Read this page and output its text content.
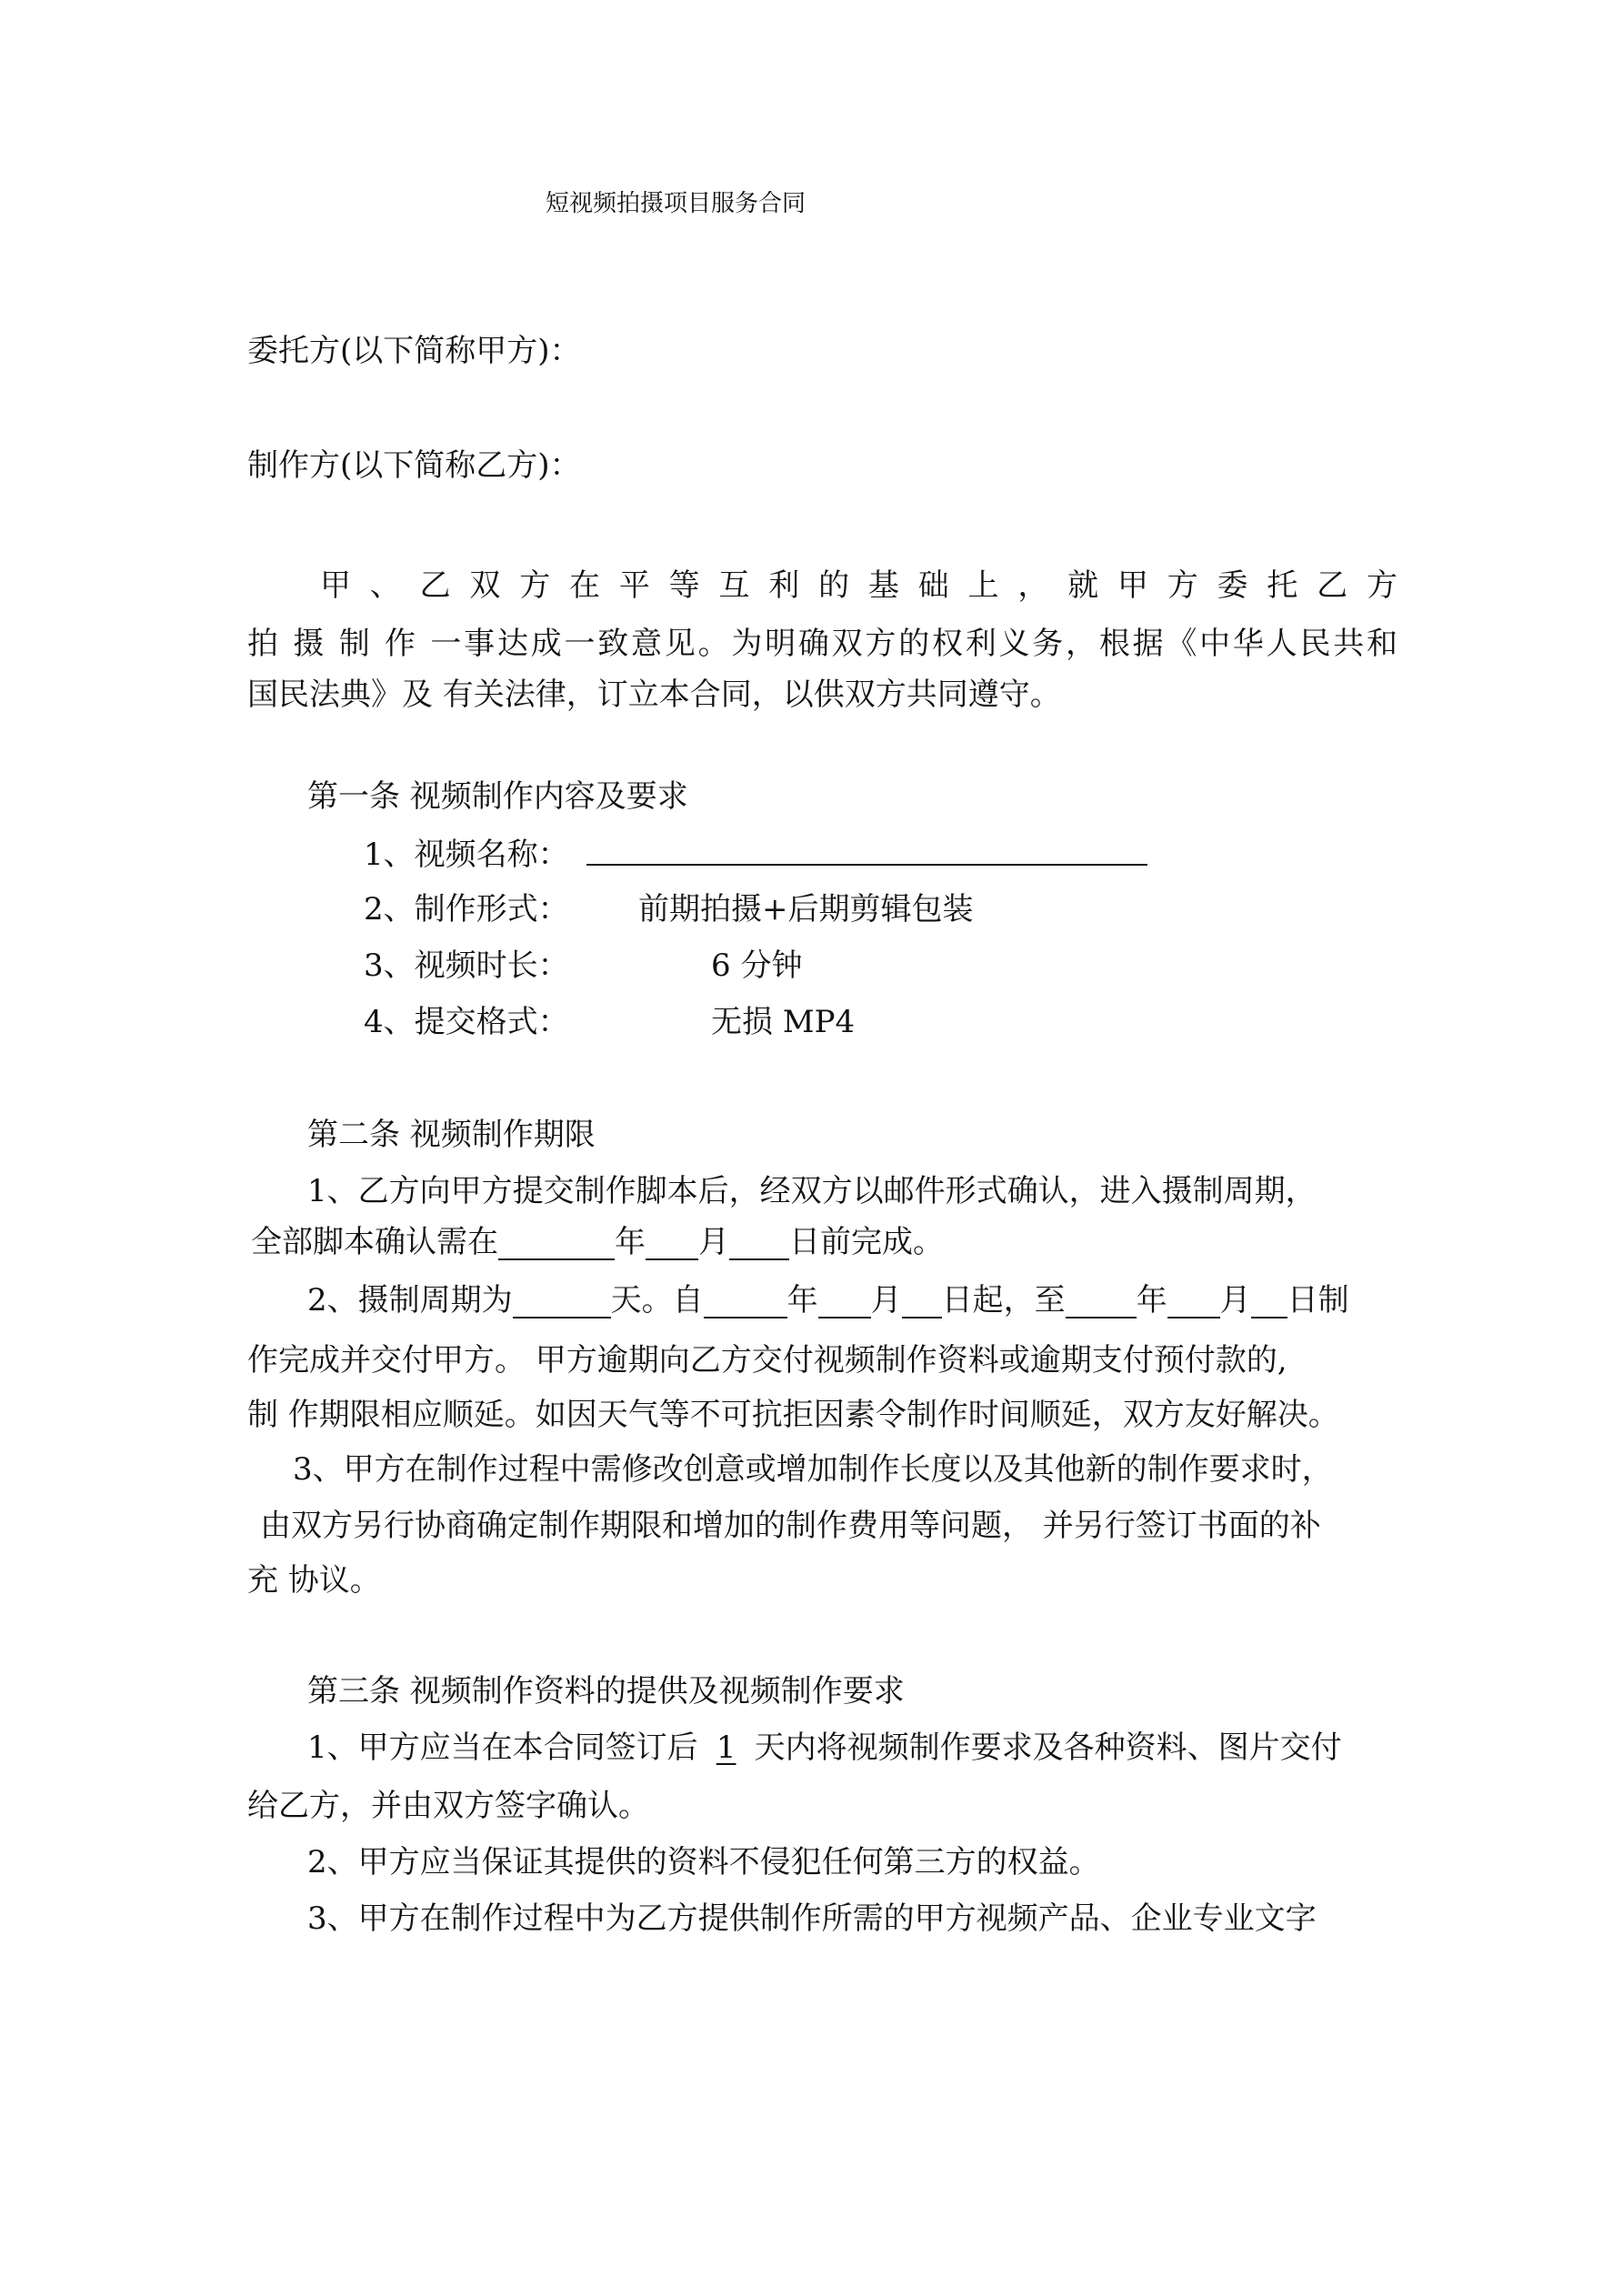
短视频拍摄项目服务合同
委托方(以下简称甲方)：
制作方(以下简称乙方)：
甲 、 乙 双 方 在 平 等 互 利 的 基 础 上 ， 就 甲 方 委 托 乙 方
拍 摄 制 作 一事达成一致意见。为明确双方的权利义务，根据《中华人民共和
国民法典》及 有关法律，订立本合同，以供双方共同遵守。
第一条 视频制作内容及要求
1、视频名称：
2、制作形式： 前期拍摄+后期剪辑包装
3、视频时长：	6 分钟
4、提交格式：	无损 MP4
第二条 视频制作期限
1、乙方向甲方提交制作脚本后，经双方以邮件形式确认，进入摄制周期，
全部脚本确认需在	年 月 日前完成。
2、摄制周期为	天。自	年 月 日起，至 年 月 日制
作完成并交付甲方。 甲方逾期向乙方交付视频制作资料或逾期支付预付款的,
制 作期限相应顺延。如因天气等不可抗拒因素令制作时间顺延，双方友好解决。
3、甲方在制作过程中需修改创意或增加制作长度以及其他新的制作要求时，
由双方另行协商确定制作期限和增加的制作费用等问题， 并另行签订书面的补
充 协议。
第三条 视频制作资料的提供及视频制作要求
1、甲方应当在本合同签订后 1 天内将视频制作要求及各种资料、图片交付
给乙方，并由双方签字确认。
2、甲方应当保证其提供的资料不侵犯任何第三方的权益。
3、甲方在制作过程中为乙方提供制作所需的甲方视频产品、企业专业文字
